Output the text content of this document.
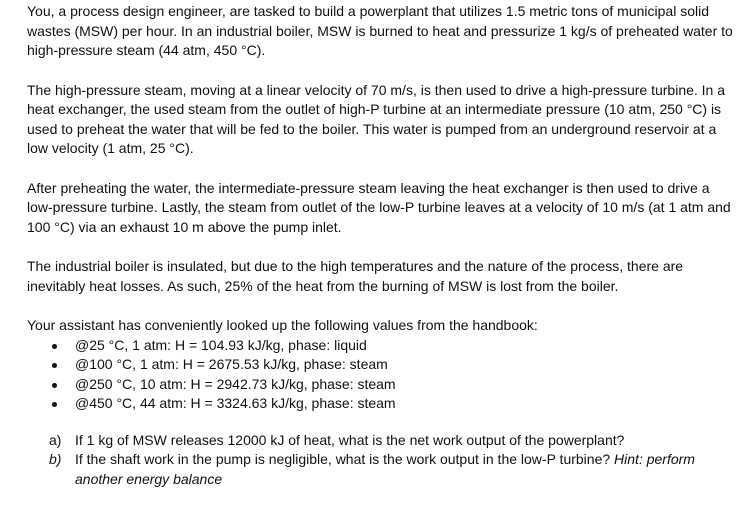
You, a process design engineer, are tasked to build a powerplant that utilizes 1.5 metric tons of municipal solid wastes (MSW) per hour. In an industrial boiler, MSW is burned to heat and pressurize 1 kg/s of preheated water to high-pressure steam (44 atm, 450 °C).

The high-pressure steam, moving at a linear velocity of 70 m/s, is then used to drive a high-pressure turbine. In a heat exchanger, the used steam from the outlet of high-P turbine at an intermediate pressure (10 atm, 250 °C) is used to preheat the water that will be fed to the boiler. This water is pumped from an underground reservoir at a low velocity (1 atm, 25 °C).

After preheating the water, the intermediate-pressure steam leaving the heat exchanger is then used to drive a low-pressure turbine. Lastly, the steam from outlet of the low-P turbine leaves at a velocity of 10 m/s (at 1 atm and 100 °C) via an exhaust 10 m above the pump inlet.

The industrial boiler is insulated, but due to the high temperatures and the nature of the process, there are inevitably heat losses. As such, 25% of the heat from the burning of MSW is lost from the boiler.

Your assistant has conveniently looked up the following values from the handbook:
@25 °C, 1 atm: H = 104.93 kJ/kg, phase: liquid
@100 °C, 1 atm: H = 2675.53 kJ/kg, phase: steam
@250 °C, 10 atm: H = 2942.73 kJ/kg, phase: steam
@450 °C, 44 atm: H = 3324.63 kJ/kg, phase: steam
a) If 1 kg of MSW releases 12000 kJ of heat, what is the net work output of the powerplant?
b) If the shaft work in the pump is negligible, what is the work output in the low-P turbine? Hint: perform another energy balance
